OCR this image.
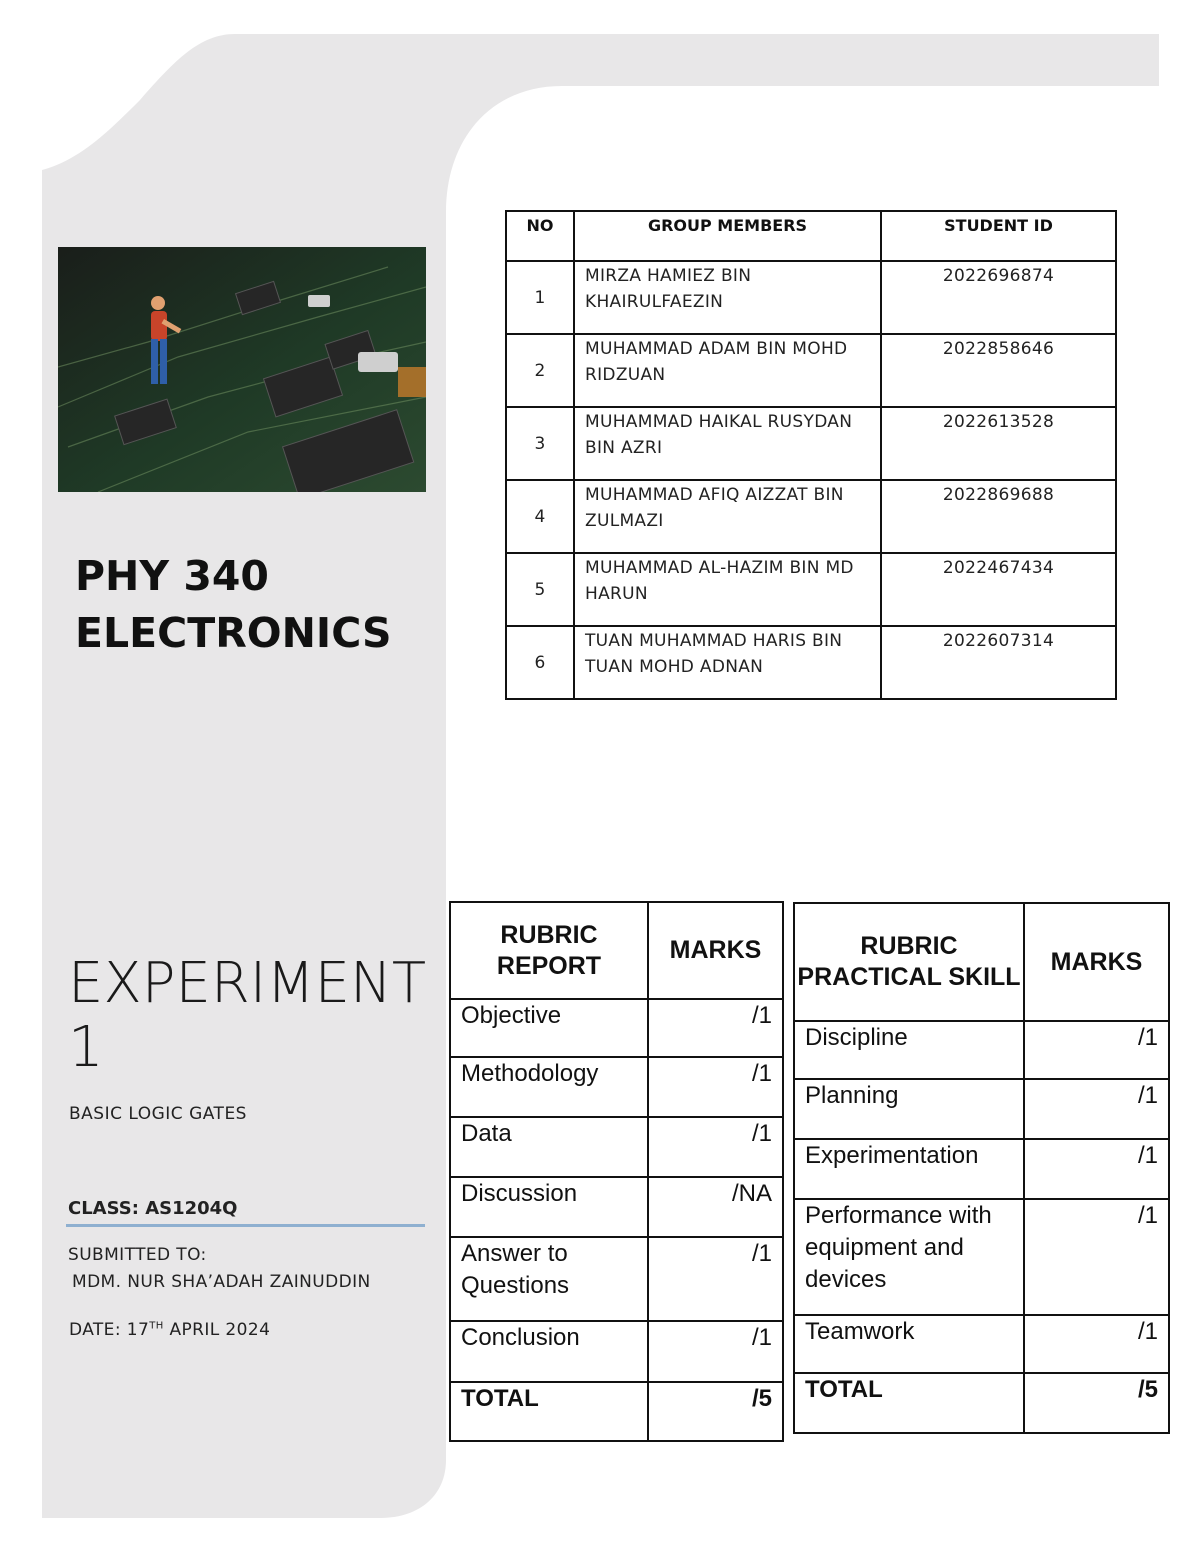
PHY 340
ELECTRONICS
EXPERIMENT
1
BASIC LOGIC GATES
CLASS: AS1204Q
SUBMITTED TO:
MDM. NUR SHA’ADAH ZAINUDDIN
DATE: 17TH APRIL 2024
NO	GROUP MEMBERS	STUDENT ID
1	MIRZA HAMIEZ BIN KHAIRULFAEZIN	2022696874
2	MUHAMMAD ADAM BIN MOHD RIDZUAN	2022858646
3	MUHAMMAD HAIKAL RUSYDAN BIN AZRI	2022613528
4	MUHAMMAD AFIQ AIZZAT BIN ZULMAZI	2022869688
5	MUHAMMAD AL-HAZIM BIN MD HARUN	2022467434
6	TUAN MUHAMMAD HARIS BIN TUAN MOHD ADNAN	2022607314
RUBRIC REPORT	MARKS
Objective	/1
Methodology	/1
Data	/1
Discussion	/NA
Answer to Questions	/1
Conclusion	/1
TOTAL	/5
RUBRIC PRACTICAL SKILL	MARKS
Discipline	/1
Planning	/1
Experimentation	/1
Performance with equipment and devices	/1
Teamwork	/1
TOTAL	/5
